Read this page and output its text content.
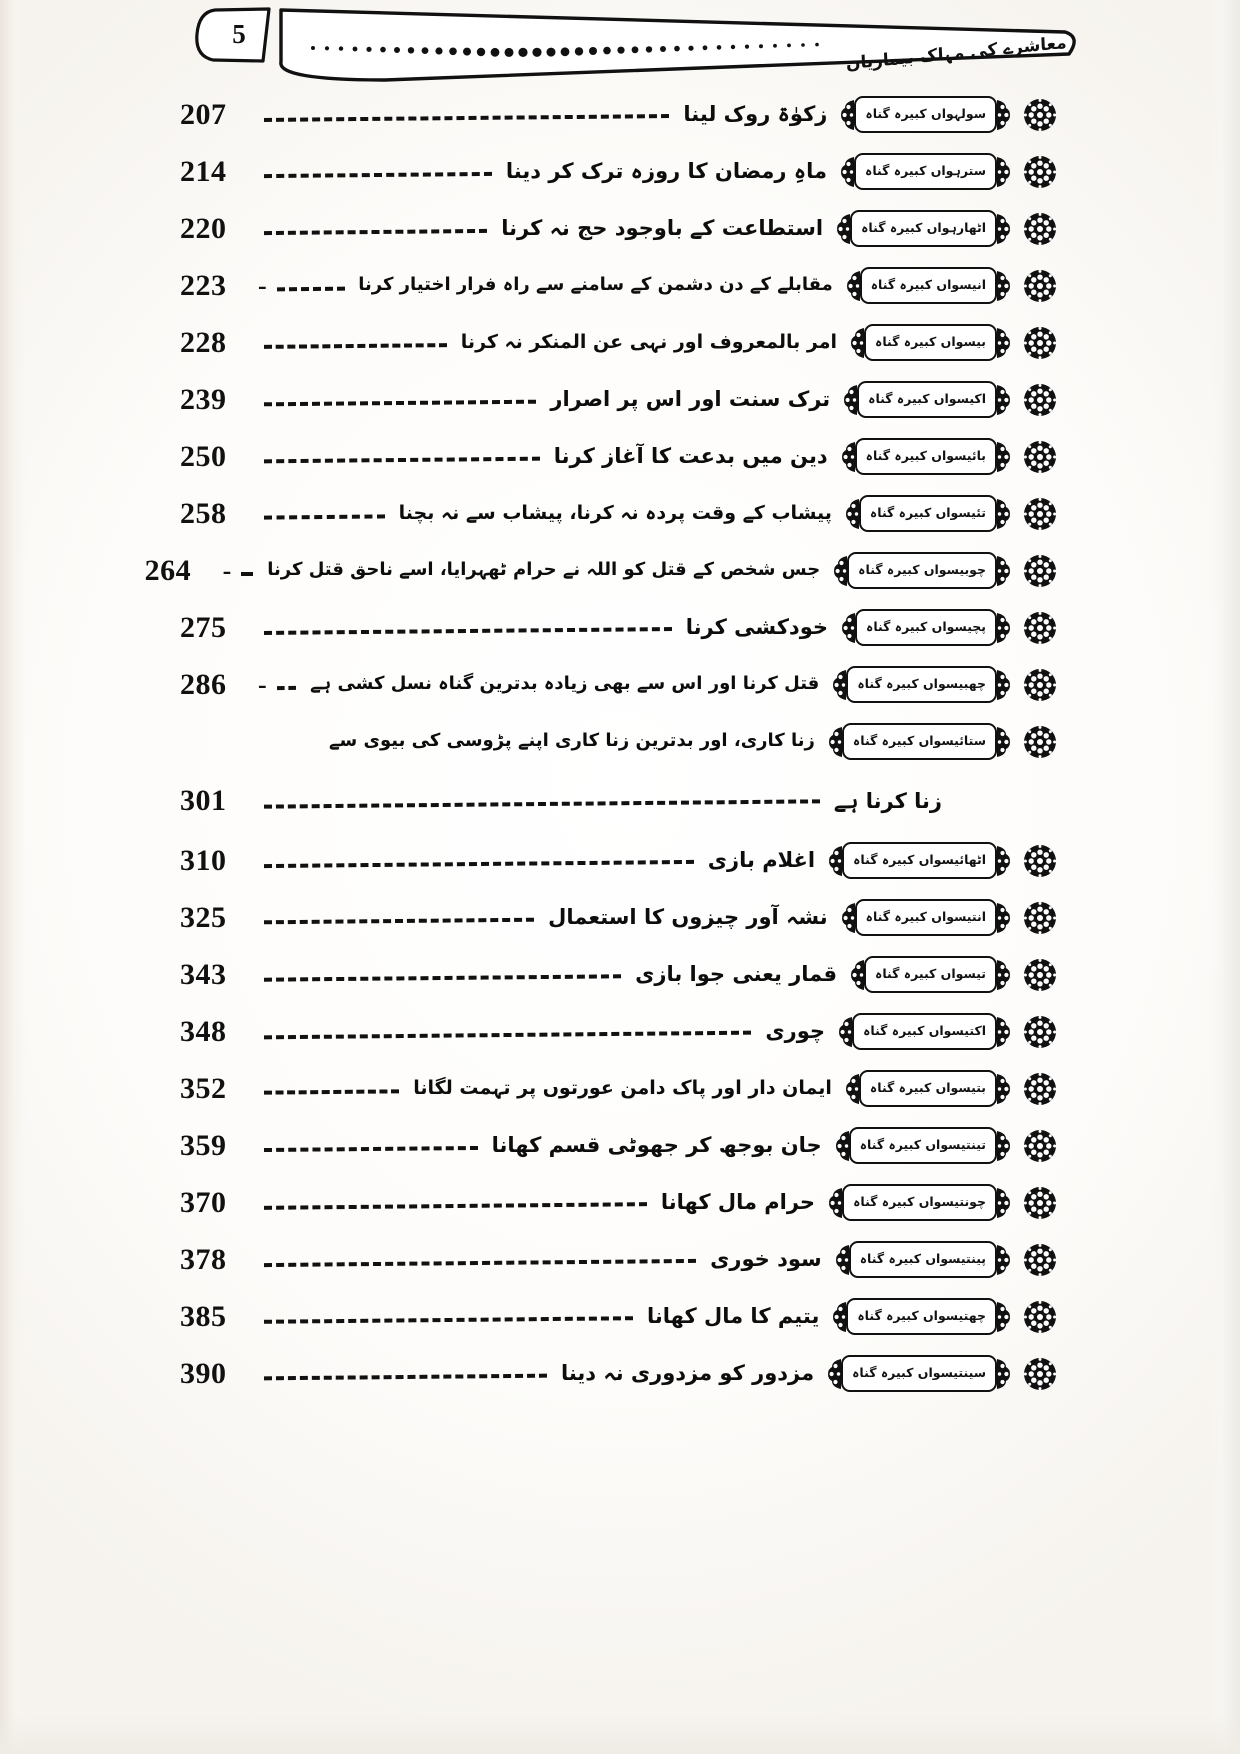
5	معاشرے کی مہلک بیماریاں
سولہواں کبیرہ گناہ
زکوٰۃ روک لینا
207
سترہواں کبیرہ گناہ
ماہِ رمضان کا روزہ ترک کر دینا
214
اٹھارہواں کبیرہ گناہ
استطاعت کے باوجود حج نہ کرنا
220
انیسواں کبیرہ گناہ
مقابلے کے دن دشمن کے سامنے سے راہ فرار اختیار کرنا
-
223
بیسواں کبیرہ گناہ
امر بالمعروف اور نہی عن المنکر نہ کرنا
228
اکیسواں کبیرہ گناہ
ترک سنت اور اس پر اصرار
239
بائیسواں کبیرہ گناہ
دین میں بدعت کا آغاز کرنا
250
تئیسواں کبیرہ گناہ
پیشاب کے وقت پردہ نہ کرنا، پیشاب سے نہ بچنا
258
چوبیسواں کبیرہ گناہ
جس شخص کے قتل کو اللہ نے حرام ٹھہرایا، اسے ناحق قتل کرنا
-
264
پچیسواں کبیرہ گناہ
خودکشی کرنا
275
چھبیسواں کبیرہ گناہ
قتل کرنا اور اس سے بھی زیادہ بدترین گناہ نسل کشی ہے
-
286
ستائیسواں کبیرہ گناہ
زنا کاری، اور بدترین زنا کاری اپنے پڑوسی کی بیوی سے
زنا کرنا ہے
301
اٹھائیسواں کبیرہ گناہ
اغلام بازی
310
انتیسواں کبیرہ گناہ
نشہ آور چیزوں کا استعمال
325
تیسواں کبیرہ گناہ
قمار یعنی جوا بازی
343
اکتیسواں کبیرہ گناہ
چوری
348
بتیسواں کبیرہ گناہ
ایمان دار اور پاک دامن عورتوں پر تہمت لگانا
352
تینتیسواں کبیرہ گناہ
جان بوجھ کر جھوٹی قسم کھانا
359
چونتیسواں کبیرہ گناہ
حرام مال کھانا
370
پینتیسواں کبیرہ گناہ
سود خوری
378
چھتیسواں کبیرہ گناہ
یتیم کا مال کھانا
385
سینتیسواں کبیرہ گناہ
مزدور کو مزدوری نہ دینا
390
